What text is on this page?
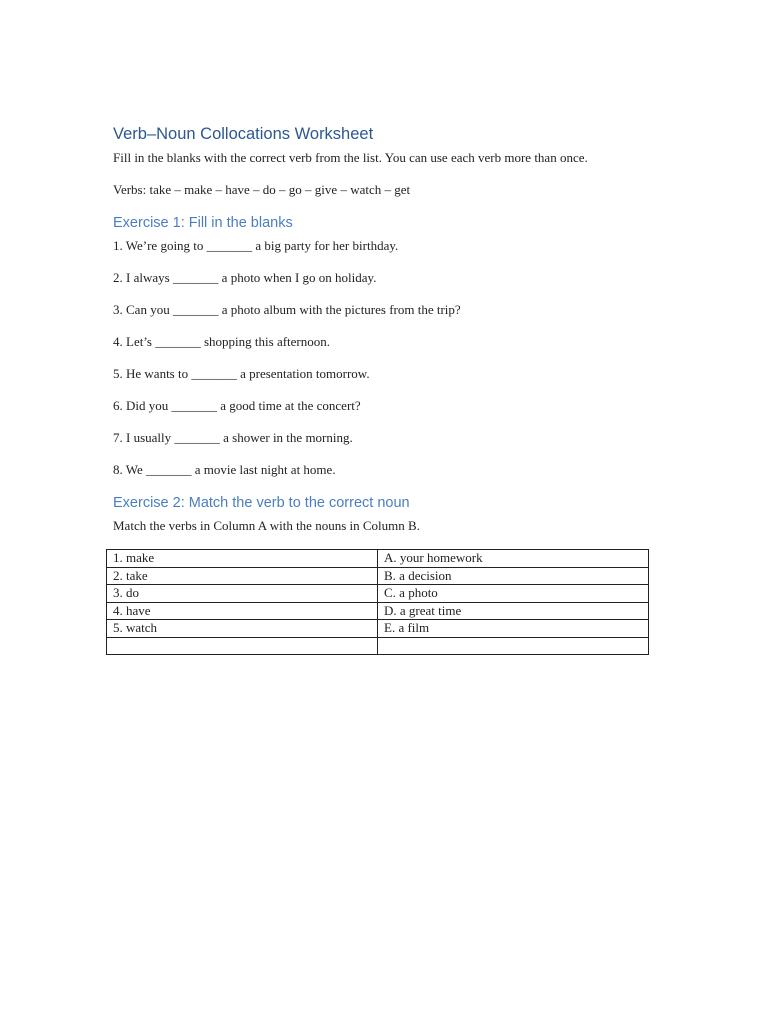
Verb–Noun Collocations Worksheet

Fill in the blanks with the correct verb from the list. You can use each verb more than once.

Verbs: take – make – have – do – go – give – watch – get

Exercise 1: Fill in the blanks
1. We’re going to _______ a big party for her birthday.
2. I always _______ a photo when I go on holiday.
3. Can you _______ a photo album with the pictures from the trip?
4. Let’s _______ shopping this afternoon.
5. He wants to _______ a presentation tomorrow.
6. Did you _______ a good time at the concert?
7. I usually _______ a shower in the morning.
8. We _______ a movie last night at home.
Exercise 2: Match the verb to the correct noun

Match the verbs in Column A with the nouns in Column B.

1. make	A. your homework
2. take	B. a decision
3. do	C. a photo
4. have	D. a great time
5. watch	E. a film
